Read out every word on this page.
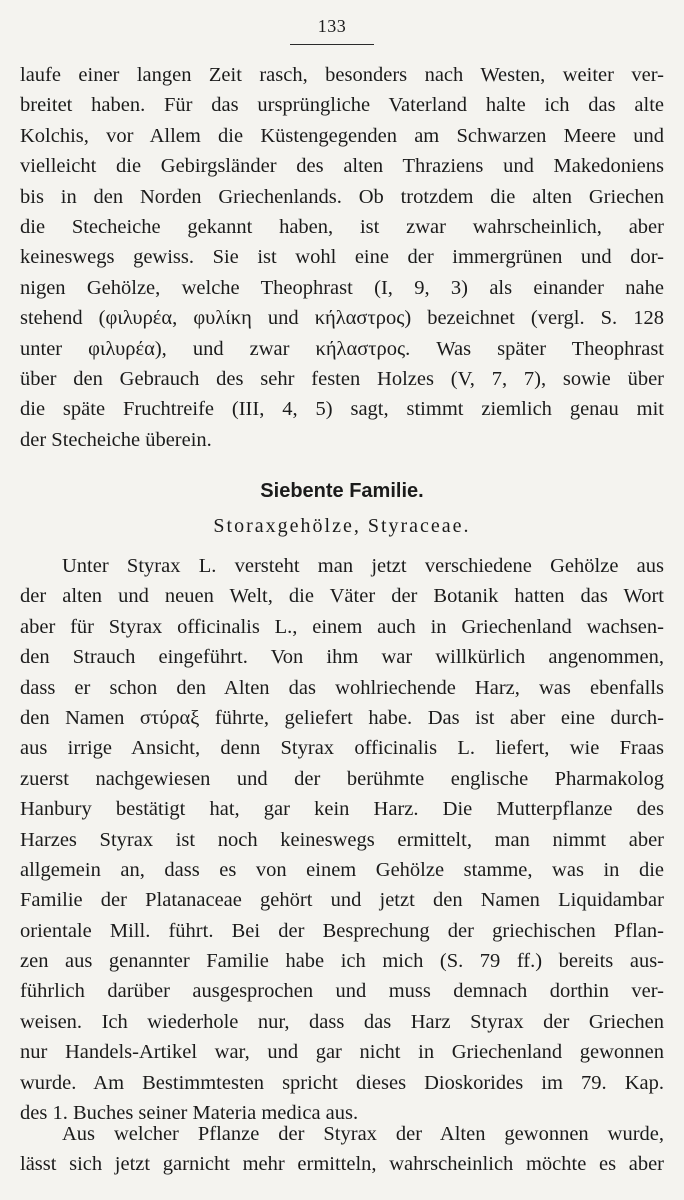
133
laufe einer langen Zeit rasch, besonders nach Westen, weiter ver-
breitet haben. Für das ursprüngliche Vaterland halte ich das alte
Kolchis, vor Allem die Küstengegenden am Schwarzen Meere und
vielleicht die Gebirgsländer des alten Thraziens und Makedoniens
bis in den Norden Griechenlands. Ob trotzdem die alten Griechen
die Stecheiche gekannt haben, ist zwar wahrscheinlich, aber
keineswegs gewiss. Sie ist wohl eine der immergrünen und dor-
nigen Gehölze, welche Theophrast (I, 9, 3) als einander nahe
stehend (φιλυρέα, φυλίκη und κήλαστρος) bezeichnet (vergl. S. 128
unter φιλυρέα), und zwar κήλαστρος. Was später Theophrast
über den Gebrauch des sehr festen Holzes (V, 7, 7), sowie über
die späte Fruchtreife (III, 4, 5) sagt, stimmt ziemlich genau mit
der Stecheiche überein.
Siebente Familie.
Storaxgehölze, Styraceae.
Unter Styrax L. versteht man jetzt verschiedene Gehölze aus
der alten und neuen Welt, die Väter der Botanik hatten das Wort
aber für Styrax officinalis L., einem auch in Griechenland wachsen-
den Strauch eingeführt. Von ihm war willkürlich angenommen,
dass er schon den Alten das wohlriechende Harz, was ebenfalls
den Namen στύραξ führte, geliefert habe. Das ist aber eine durch-
aus irrige Ansicht, denn Styrax officinalis L. liefert, wie Fraas
zuerst nachgewiesen und der berühmte englische Pharmakolog
Hanbury bestätigt hat, gar kein Harz. Die Mutterpflanze des
Harzes Styrax ist noch keineswegs ermittelt, man nimmt aber
allgemein an, dass es von einem Gehölze stamme, was in die
Familie der Platanaceae gehört und jetzt den Namen Liquidambar
orientale Mill. führt. Bei der Besprechung der griechischen Pflan-
zen aus genannter Familie habe ich mich (S. 79 ff.) bereits aus-
führlich darüber ausgesprochen und muss demnach dorthin ver-
weisen. Ich wiederhole nur, dass das Harz Styrax der Griechen
nur Handels-Artikel war, und gar nicht in Griechenland gewonnen
wurde. Am Bestimmtesten spricht dieses Dioskorides im 79. Kap.
des 1. Buches seiner Materia medica aus.
Aus welcher Pflanze der Styrax der Alten gewonnen wurde,
lässt sich jetzt garnicht mehr ermitteln, wahrscheinlich möchte es aber
